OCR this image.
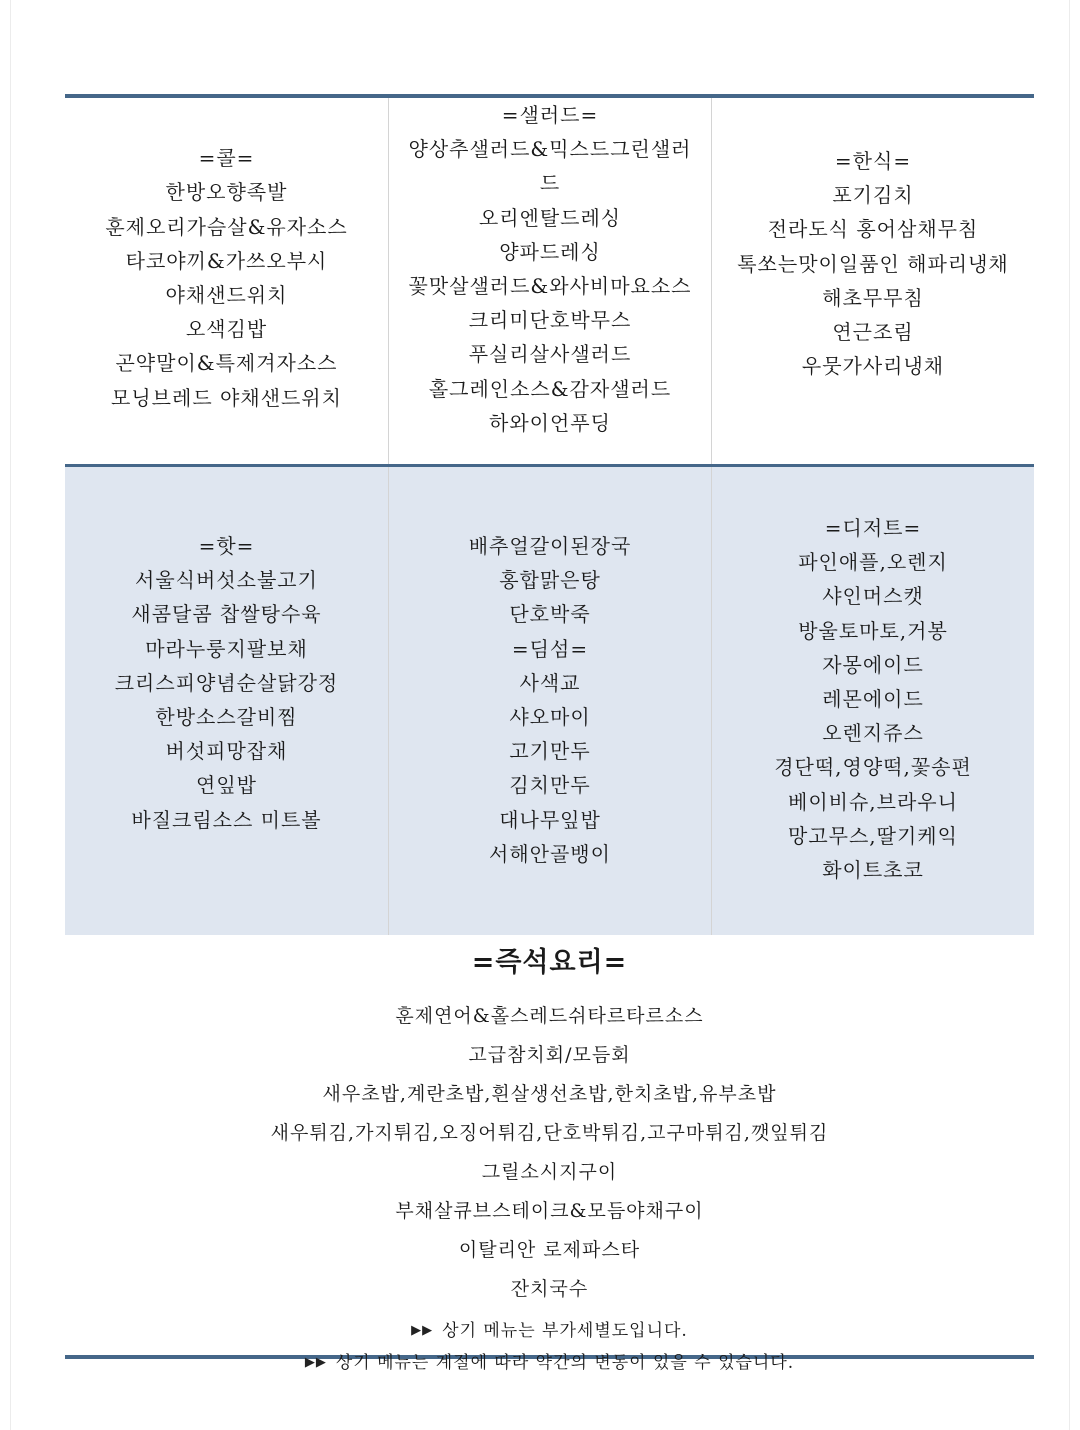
=콜=
한방오향족발
훈제오리가슴살&유자소스
타코야끼&가쓰오부시
야채샌드위치
오색김밥
곤약말이&특제겨자소스
모닝브레드 야채샌드위치
=샐러드=
양상추샐러드&믹스드그린샐러드
오리엔탈드레싱
양파드레싱
꽃맛살샐러드&와사비마요소스
크리미단호박무스
푸실리살사샐러드
홀그레인소스&감자샐러드
하와이언푸딩
=한식=
포기김치
전라도식 홍어삼채무침
톡쏘는맛이일품인 해파리냉채
해초무무침
연근조림
우뭇가사리냉채
=핫=
서울식버섯소불고기
새콤달콤 찹쌀탕수육
마라누룽지팔보채
크리스피양념순살닭강정
한방소스갈비찜
버섯피망잡채
연잎밥
바질크림소스 미트볼
배추얼갈이된장국
홍합맑은탕
단호박죽
=딤섬=
사색교
샤오마이
고기만두
김치만두
대나무잎밥
서해안골뱅이
=디저트=
파인애플,오렌지
샤인머스캣
방울토마토,거봉
자몽에이드
레몬에이드
오렌지쥬스
경단떡,영양떡,꽃송편
베이비슈,브라우니
망고무스,딸기케익
화이트초코
=즉석요리=
훈제연어&홀스레드쉬타르타르소스
고급참치회/모듬회
새우초밥,계란초밥,흰살생선초밥,한치초밥,유부초밥
새우튀김,가지튀김,오징어튀김,단호박튀김,고구마튀김,깻잎튀김
그릴소시지구이
부채살큐브스테이크&모듬야채구이
이탈리안 로제파스타
잔치국수
▶▶ 상기 메뉴는 부가세별도입니다.
▶▶ 상기 메뉴는 계절에 따라 약간의 변동이 있을 수 있습니다.
